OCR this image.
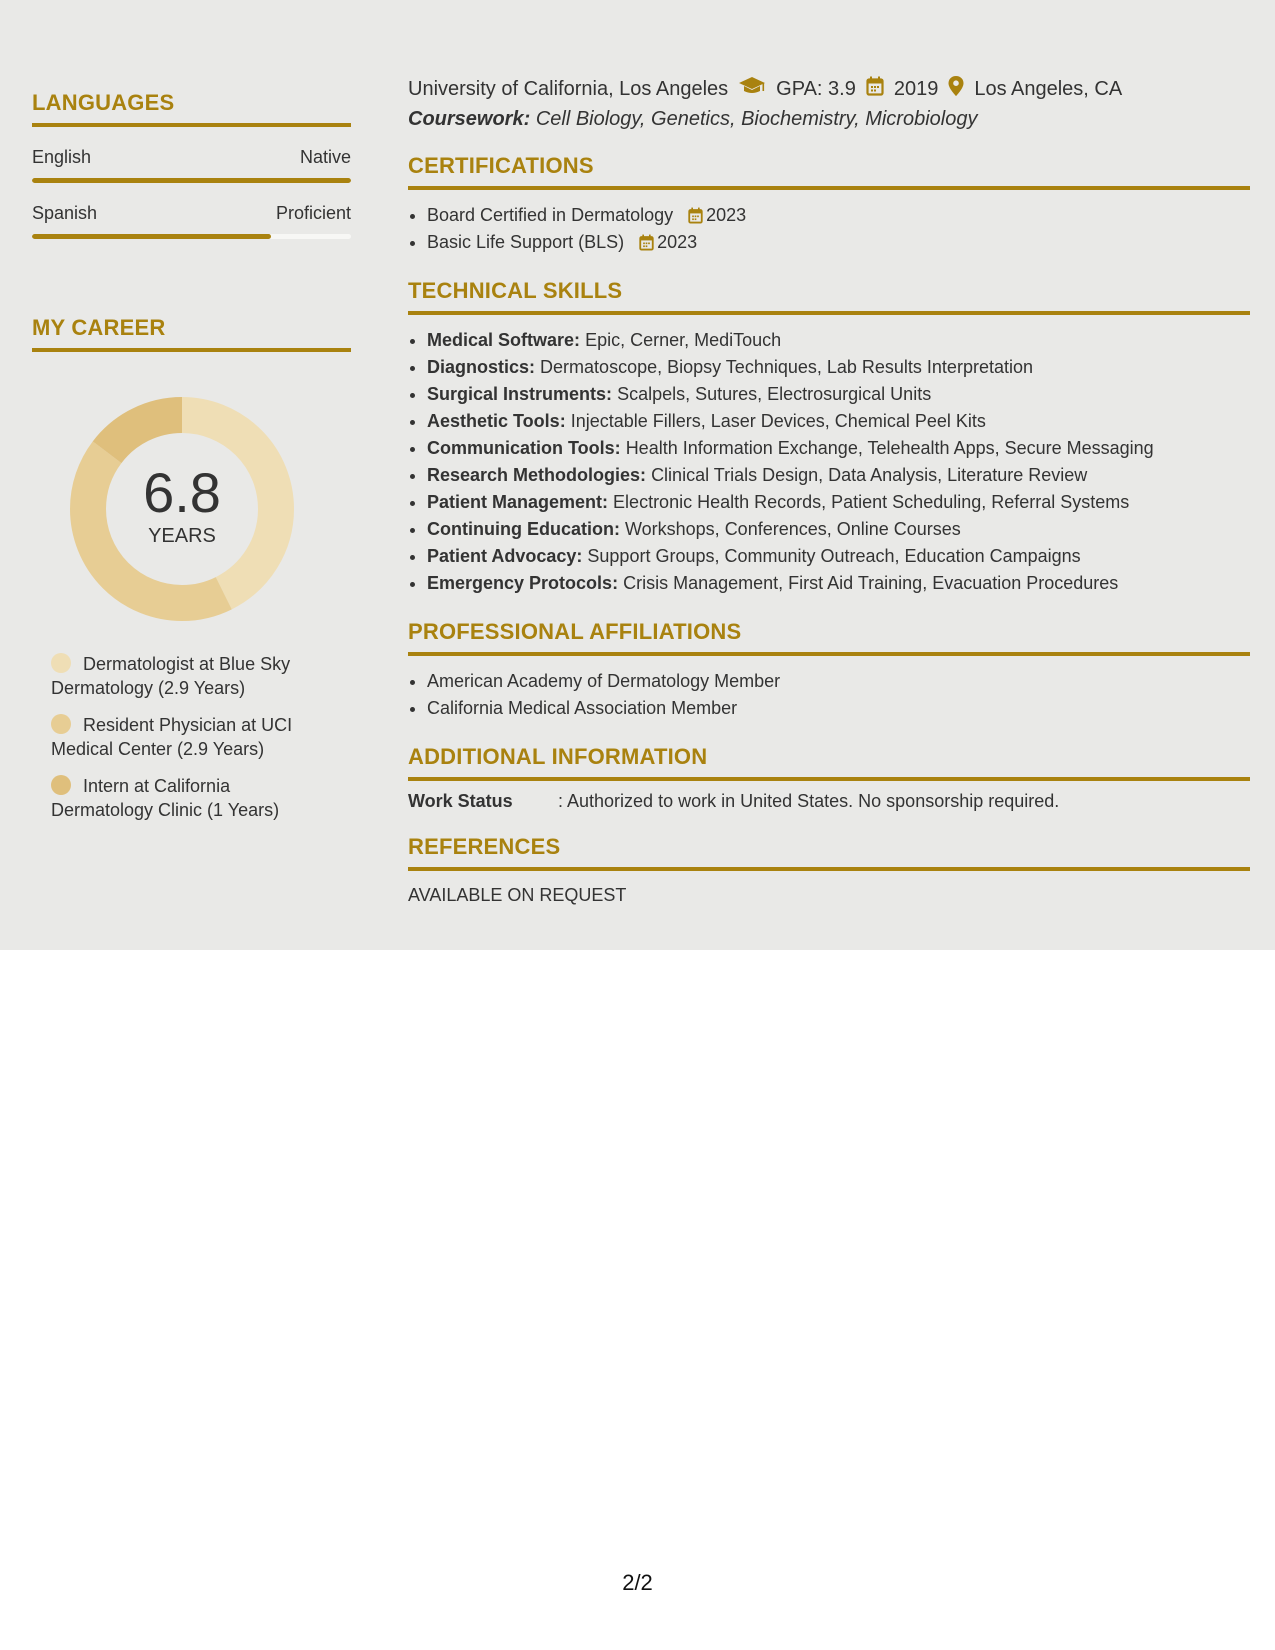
LANGUAGES
English	Native
Spanish	Proficient
MY CAREER
6.8
YEARS
Dermatologist at Blue Sky Dermatology (2.9 Years)
Resident Physician at UCI Medical Center (2.9 Years)
Intern at California Dermatology Clinic (1 Years)
University of California, Los Angeles GPA: 3.9 2019 Los Angeles, CA
Coursework: Cell Biology, Genetics, Biochemistry, Microbiology
CERTIFICATIONS
• Board Certified in Dermatology 2023
• Basic Life Support (BLS) 2023
TECHNICAL SKILLS
• Medical Software: Epic, Cerner, MediTouch
• Diagnostics: Dermatoscope, Biopsy Techniques, Lab Results Interpretation
• Surgical Instruments: Scalpels, Sutures, Electrosurgical Units
• Aesthetic Tools: Injectable Fillers, Laser Devices, Chemical Peel Kits
• Communication Tools: Health Information Exchange, Telehealth Apps, Secure Messaging
• Research Methodologies: Clinical Trials Design, Data Analysis, Literature Review
• Patient Management: Electronic Health Records, Patient Scheduling, Referral Systems
• Continuing Education: Workshops, Conferences, Online Courses
• Patient Advocacy: Support Groups, Community Outreach, Education Campaigns
• Emergency Protocols: Crisis Management, First Aid Training, Evacuation Procedures
PROFESSIONAL AFFILIATIONS
• American Academy of Dermatology Member
• California Medical Association Member
ADDITIONAL INFORMATION
Work Status	: Authorized to work in United States. No sponsorship required.
REFERENCES
AVAILABLE ON REQUEST
2/2
